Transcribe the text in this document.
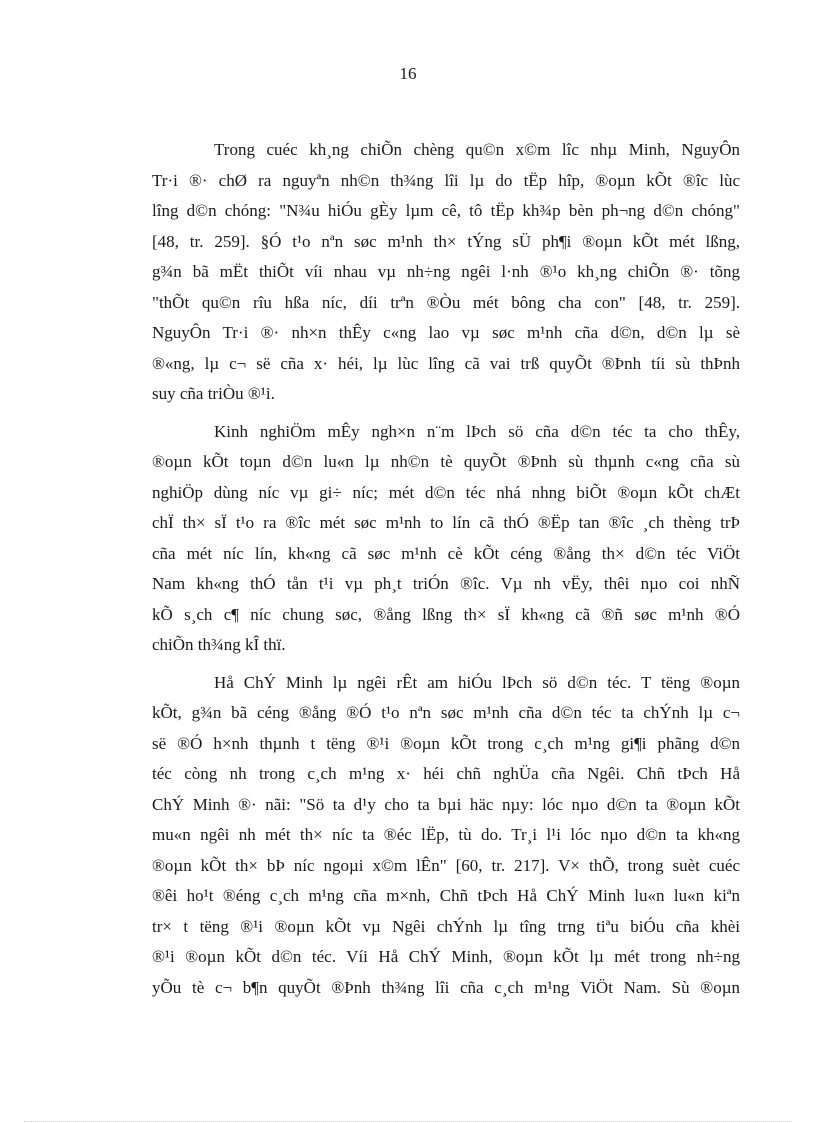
16
Trong cuéc kh¸ng chiÕn chèng qu©n x©m lîc nhµ Minh, NguyÔn
Tr·i ®· chØ ra nguyªn nh©n th¾ng lîi lµ do tËp hîp, ®oµn kÕt ®îc lùc
lîng d©n chóng: "N¾u hiÓu gÈy lµm cê, tô tËp kh¾p bèn ph¬ng d©n chóng"
[48, tr. 259]. §Ó t¹o nªn søc m¹nh th× tÝng sÜ ph¶i ®oµn kÕt mét lßng,
g¾n bã mËt thiÕt víi nhau vµ nh÷ng ngêi l·nh ®¹o kh¸ng chiÕn ®· tõng
"thÕt qu©n rîu hßa níc, díi trªn ®Òu mét bông cha con" [48, tr. 259].
NguyÔn Tr·i ®· nh×n thÊy c«ng lao vµ søc m¹nh cña d©n, d©n lµ sè
®«ng, lµ c¬ së cña x· héi, lµ lùc lîng cã vai trß quyÕt ®Þnh tíi sù thÞnh
suy cña triÒu ®¹i.
Kinh nghiÖm mÊy ngh×n n¨m lÞch sö cña d©n téc ta cho thÊy,
®oµn kÕt toµn d©n lu«n lµ nh©n tè quyÕt ®Þnh sù thµnh c«ng cña sù
nghiÖp dùng níc vµ gi÷ níc; mét d©n téc nhá nhng biÕt ®oµn kÕt chÆt
chÏ th× sÏ t¹o ra ®îc mét søc m¹nh to lín cã thÓ ®Ëp tan ®îc ¸ch thèng trÞ
cña mét níc lín, kh«ng cã søc m¹nh cè kÕt céng ®ång th× d©n téc ViÖt
Nam kh«ng thÓ tån t¹i vµ ph¸t triÓn ®îc. Vµ nh vËy, thêi nµo coi nhÑ
kÕ s¸ch c¶ níc chung søc, ®ång lßng th× sÏ kh«ng cã ®ñ søc m¹nh ®Ó
chiÕn th¾ng kÎ thï.
Hå ChÝ Minh lµ ngêi rÊt am hiÓu lÞch sö d©n téc. T tëng ®oµn
kÕt, g¾n bã céng ®ång ®Ó t¹o nªn søc m¹nh cña d©n téc ta chÝnh lµ c¬
së ®Ó h×nh thµnh t tëng ®¹i ®oµn kÕt trong c¸ch m¹ng gi¶i phãng d©n
téc còng nh trong c¸ch m¹ng x· héi chñ nghÜa cña Ngêi. Chñ tÞch Hå
ChÝ Minh ®· nãi: "Sö ta d¹y cho ta bµi häc nµy: lóc nµo d©n ta ®oµn kÕt
mu«n ngêi nh mét th× níc ta ®éc lËp, tù do. Tr¸i l¹i lóc nµo d©n ta kh«ng
®oµn kÕt th× bÞ níc ngoµi x©m lÊn" [60, tr. 217]. V× thÕ, trong suèt cuéc
®êi ho¹t ®éng c¸ch m¹ng cña m×nh, Chñ tÞch Hå ChÝ Minh lu«n lu«n kiªn
tr× t tëng ®¹i ®oµn kÕt vµ Ngêi chÝnh lµ tîng trng tiªu biÓu cña khèi
®¹i ®oµn kÕt d©n téc. Víi Hå ChÝ Minh, ®oµn kÕt lµ mét trong nh÷ng
yÕu tè c¬ b¶n quyÕt ®Þnh th¾ng lîi cña c¸ch m¹ng ViÖt Nam. Sù ®oµn
